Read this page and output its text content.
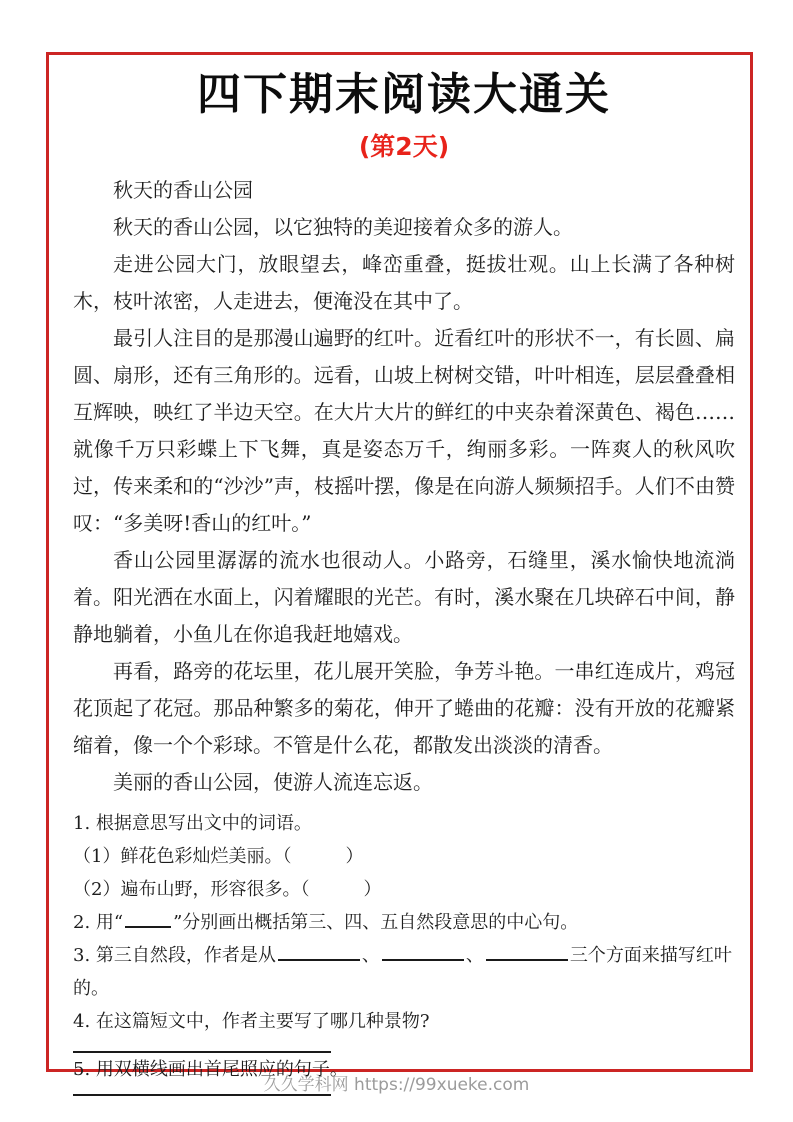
四下期末阅读大通关
(第2天)

秋天的香山公园

秋天的香山公园，以它独特的美迎接着众多的游人。

走进公园大门，放眼望去，峰峦重叠，挺拔壮观。山上长满了各种树木，枝叶浓密，人走进去，便淹没在其中了。

最引人注目的是那漫山遍野的红叶。近看红叶的形状不一，有长圆、扁圆、扇形，还有三角形的。远看，山坡上树树交错，叶叶相连，层层叠叠相互辉映，映红了半边天空。在大片大片的鲜红的中夹杂着深黄色、褐色……就像千万只彩蝶上下飞舞，真是姿态万千，绚丽多彩。一阵爽人的秋风吹过，传来柔和的“沙沙”声，枝摇叶摆，像是在向游人频频招手。人们不由赞叹：“多美呀!香山的红叶。”

香山公园里潺潺的流水也很动人。小路旁，石缝里，溪水愉快地流淌着。阳光洒在水面上，闪着耀眼的光芒。有时，溪水聚在几块碎石中间，静静地躺着，小鱼儿在你追我赶地嬉戏。

再看，路旁的花坛里，花儿展开笑脸，争芳斗艳。一串红连成片，鸡冠花顶起了花冠。那品种繁多的菊花，伸开了蜷曲的花瓣：没有开放的花瓣紧缩着，像一个个彩球。不管是什么花，都散发出淡淡的清香。

美丽的香山公园，使游人流连忘返。

1. 根据意思写出文中的词语。

（1）鲜花色彩灿烂美丽。（	）

（2）遍布山野，形容很多。（	）

2. 用“	”分别画出概括第三、四、五自然段意思的中心句。

3. 第三自然段，作者是从	、	、	三个方面来描写红叶的。

4. 在这篇短文中，作者主要写了哪几种景物?

5. 用双横线画出首尾照应的句子。

久久学科网 https://99xueke.com
